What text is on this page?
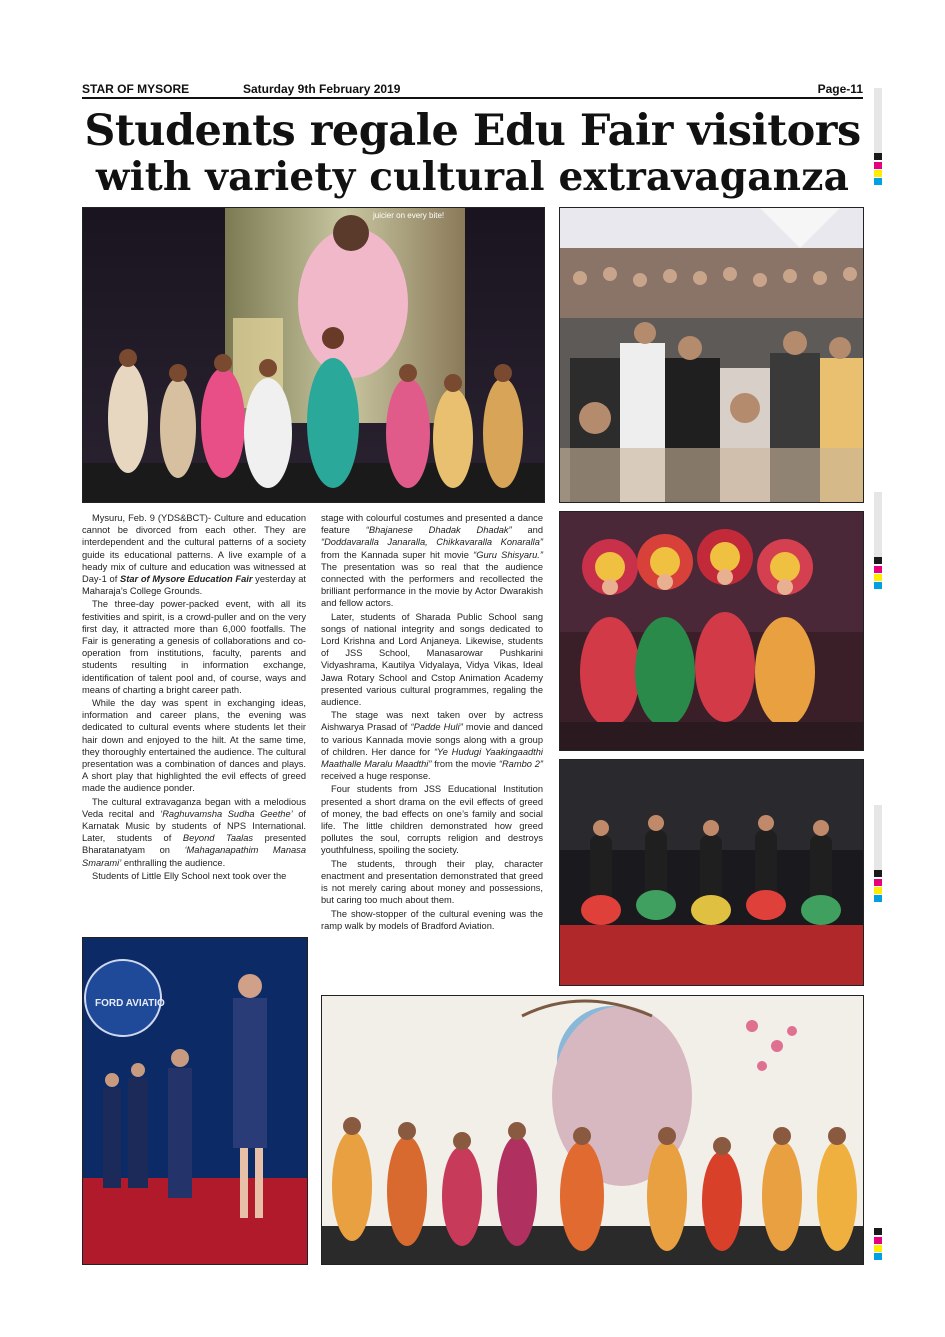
STAR OF MYSORE	Saturday 9th February 2019	Page-11
Students regale Edu Fair visitors
with variety cultural extravaganza
juicier on every bite!
FORD AVIATIO

Mysuru, Feb. 9 (YDS&BCT)- Culture and education cannot be divorced from each other. They are interdependent and the cultural patterns of a society guide its educational patterns. A live example of a heady mix of culture and education was witnessed at Day-1 of Star of Mysore Education Fair yesterday at Maharaja’s College Grounds.

The three-day power-packed event, with all its festivities and spirit, is a crowd-puller and on the very first day, it attracted more than 6,000 footfalls. The Fair is generating a genesis of collaborations and co-operation from institutions, faculty, parents and students resulting in information exchange, identification of talent pool and, of course, ways and means of charting a bright career path.

While the day was spent in exchanging ideas, information and career plans, the evening was dedicated to cultural events where students let their hair down and enjoyed to the hilt. At the same time, they thoroughly entertained the audience. The cultural presentation was a combination of dances and plays. A short play that highlighted the evil effects of greed made the audience ponder.

The cultural extravaganza began with a melodious Veda recital and ‘Raghuvamsha Sudha Geethe’ of Karnatak Music by students of NPS International. Later, students of Beyond Taalas presented Bharatanatyam on ‘Mahaganapathim Manasa Smarami’ enthralling the audience.

Students of Little Elly School next took over the

stage with colourful costumes and presented a dance feature “Bhajanese Dhadak Dhadak” and “Doddavaralla Janaralla, Chikkavaralla Konaralla” from the Kannada super hit movie “Guru Shisyaru.” The presentation was so real that the audience connected with the performers and recollected the brilliant performance in the movie by Actor Dwarakish and fellow actors.

Later, students of Sharada Public School sang songs of national integrity and songs dedicated to Lord Krishna and Lord Anjaneya. Likewise, students of JSS School, Manasarowar Pushkarini Vidyashrama, Kautilya Vidyalaya, Vidya Vikas, Ideal Jawa Rotary School and Cstop Animation Academy presented various cultural programmes, regaling the audience.

The stage was next taken over by actress Aishwarya Prasad of “Padde Huli” movie and danced to various Kannada movie songs along with a group of children. Her dance for “Ye Hudugi Yaakingaadthi Maathalle Maralu Maadthi” from the movie “Rambo 2” received a huge response.

Four students from JSS Educational Institution presented a short drama on the evil effects of greed of money, the bad effects on one’s family and social life. The little children demonstrated how greed pollutes the soul, corrupts religion and destroys youthfulness, spoiling the society.

The students, through their play, character enactment and presentation demonstrated that greed is not merely caring about money and possessions, but caring too much about them.

The show-stopper of the cultural evening was the ramp walk by models of Bradford Aviation.
